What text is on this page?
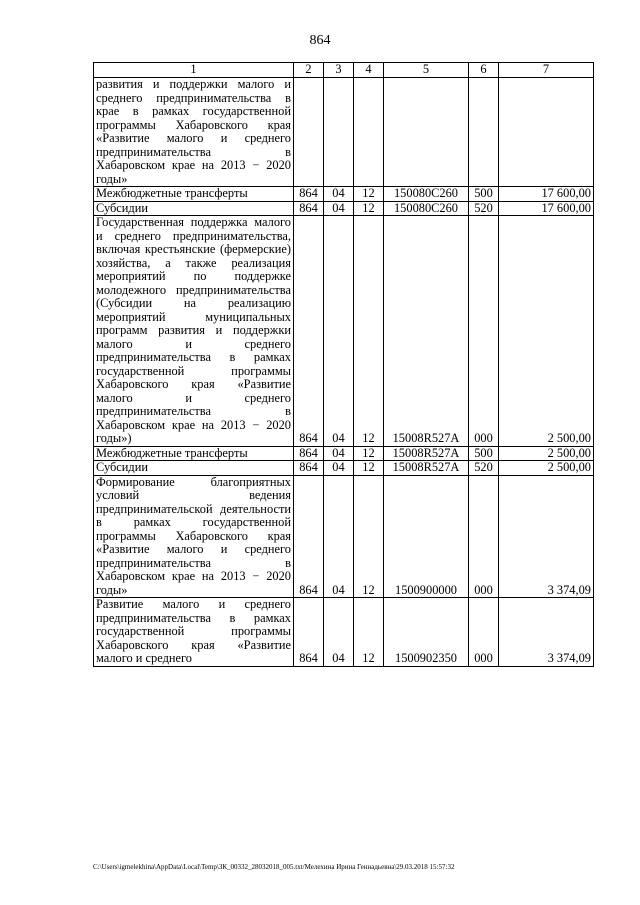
864
1	2	3	4	5	6	7
развития и поддержки малого и среднего предпринимательства в крае в рамках государственной программы Хабаровского края «Развитие малого и среднего предпринимательства в Хабаровском крае на 2013 − 2020 годы»						
Межбюджетные трансферты	864	04	12	150080С260	500	17 600,00
Субсидии	864	04	12	150080С260	520	17 600,00
Государственная поддержка малого и среднего предпринимательства, включая крестьянские (фермерские) хозяйства, а также реализация мероприятий по поддержке молодежного предпринимательства (Субсидии на реализацию мероприятий муниципальных программ развития и поддержки малого и среднего предпринимательства в рамках государственной программы Хабаровского края «Развитие малого и среднего предпринимательства в Хабаровском крае на 2013 − 2020 годы»)	864	04	12	15008R527A	000	2 500,00
Межбюджетные трансферты	864	04	12	15008R527A	500	2 500,00
Субсидии	864	04	12	15008R527A	520	2 500,00
Формирование благоприятных условий ведения предпринимательской деятельности в рамках государственной программы Хабаровского края «Развитие малого и среднего предпринимательства в Хабаровском крае на 2013 − 2020 годы»	864	04	12	1500900000	000	3 374,09
Развитие малого и среднего предпринимательства в рамках государственной программы Хабаровского края «Развитие малого и среднего	864	04	12	1500902350	000	3 374,09
C:\Users\igmelekhina\AppData\Local\Temp\ЗК_00332_28032018_005.txt/Мелехина Ирина Геннадьевна\29.03.2018 15:57:32
